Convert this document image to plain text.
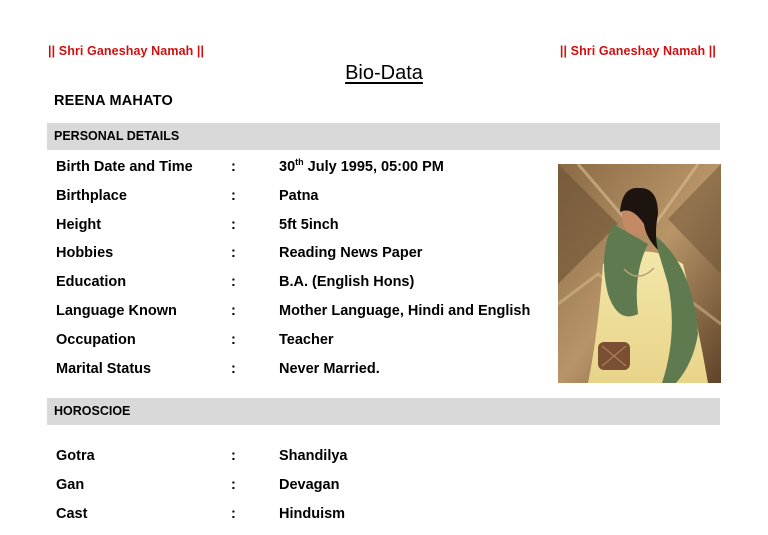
|| Shri Ganeshay Namah ||	|| Shri Ganeshay Namah ||
Bio-Data
REENA MAHATO
PERSONAL DETAILS
Birth Date and Time	:	30th July 1995, 05:00 PM
Birthplace	:	Patna
Height	:	5ft 5inch
Hobbies	:	Reading News Paper
Education	:	B.A. (English Hons)
Language Known	:	Mother Language, Hindi and English
Occupation	:	Teacher
Marital Status	:	Never Married.
HOROSCIOE
Gotra	:	Shandilya
Gan	:	Devagan
Cast	:	Hinduism
